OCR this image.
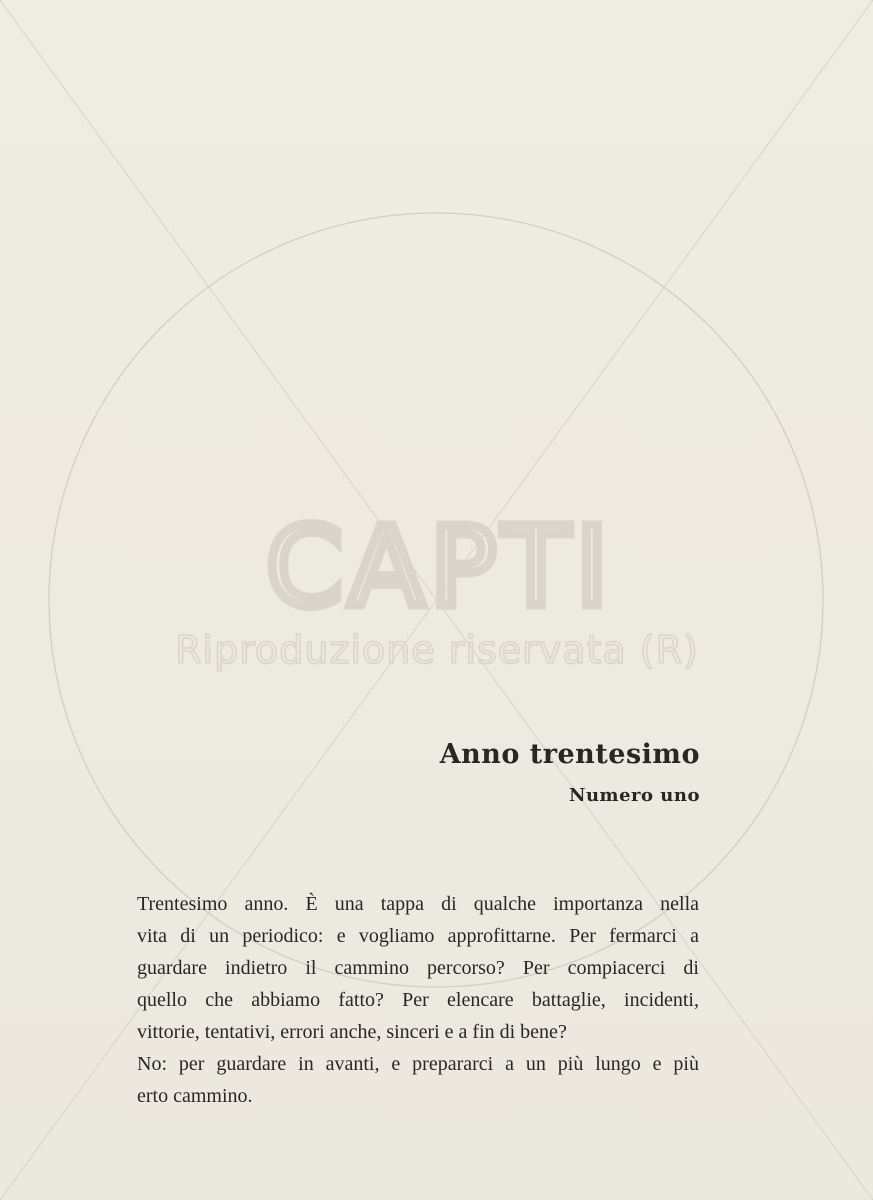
CAPTI
Riproduzione riservata (R)

Anno trentesimo

Numero uno

Trentesimo anno. È una tappa di qualche importanza nella

vita di un periodico: e vogliamo approfittarne. Per fermarci a

guardare indietro il cammino percorso? Per compiacerci di

quello che abbiamo fatto? Per elencare battaglie, incidenti,

vittorie, tentativi, errori anche, sinceri e a fin di bene?

No: per guardare in avanti, e prepararci a un più lungo e più

erto cammino.
